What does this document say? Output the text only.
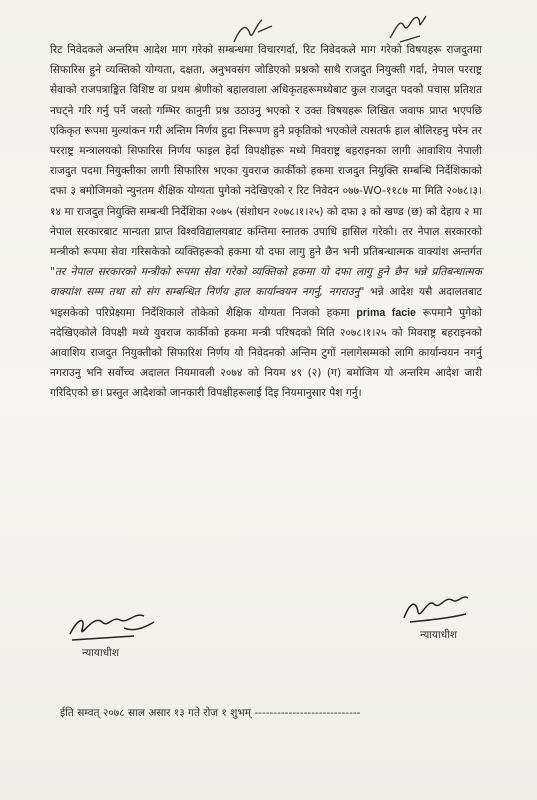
रिट निवेदकले अन्तरिम आदेश माग गरेको सम्बन्धमा विचारगर्दा, रिट निवेदकले माग गरेको विषयहरू राजदुतमा सिफारिस हुने व्यक्तिको योग्यता, दक्षता, अनुभवसंग जोडिएको प्रश्नको साथै राजदुत नियुक्ती गर्दा, नेपाल परराष्ट्र सेवाको राजपत्राङ्कित विशिष्ट वा प्रथम श्रेणीको बहालवाला अधिकृतहरूमध्येबाट कुल राजदुत पदको पचास प्रतिशत नघट्ने गरि गर्नु पर्ने जस्तो गम्भिर कानुनी प्रश्न उठाउनु भएको र उक्त विषयहरू लिखित जवाफ प्राप्त भएपछि एकिकृत रूपमा मुल्यांकन गरी अन्तिम निर्णय हुदा निरूपण हुने प्रकृतिको भएकोले त्यसतर्फ हाल बोलिरहनु परेन तर परराष्ट्र मन्त्रालयको सिफारिस निर्णय फाइल हेर्दा विपक्षीहरू मध्ये मिवराष्ट्र बहराइनका लागी आवाशिय नेपाली राजदुत पदमा नियुक्तीका लागी सिफारिस भएका युवराज कार्कीको हकमा राजदुत नियुक्ति सम्बन्धि निर्देशिकाको दफा ३ बमोजिमको न्युनतम शैक्षिक योग्यता पुगेको नदेखिएको र रिट निवेदन ०७७-WO-११८७ मा मिति २०७८।३।१४ मा राजदुत नियुक्ति सम्बन्धी निर्देशिका २०७५ (संशोधन २०७८।१।२५) को दफा ३ को खण्ड (छ) को देहाय २ मा नेपाल सरकारबाट मान्यता प्राप्त विश्वविद्यालयबाट कम्तिमा स्नातक उपाधि हासिल गरेको। तर नेपाल सरकारको मन्त्रीको रूपमा सेवा गरिसकेको व्यक्तिहरूको हकमा यो दफा लागु हुने छैन भनी प्रतिबन्धात्मक वाक्यांश अन्तर्गत "तर नेपाल सरकारको मन्त्रीको रूपमा सेवा गरेको व्यक्तिको हकमा यो दफा लागु हुने छैन भन्ने प्रतिबन्धात्मक वाक्यांश सम्म तथा सो संग सम्बन्धित निर्णय हाल कार्यान्वयन नगर्नु, नगराउनु" भन्ने आदेश यसै अदालतबाट भइसकेको परिप्रेक्ष्यमा निर्देशिकाले तोकेको शैक्षिक योग्यता निजको हकमा prima facie रूपमानै पुगेको नदेखिएकोले विपक्षी मध्ये युवराज कार्कीको हकमा मन्त्री परिषदको मिति २०७८।१।२५ को मिवराष्ट्र बहराइनको आवाशिय राजदुत नियुक्तीको सिफारिश निर्णय यो निवेदनको अन्तिम टुगों नलागेसम्मको लागि कार्यान्वयन नगर्नु नगराउनु भनि सर्वोच्च अदालत नियमावली २०७४ को नियम ४९ (२) (ग) बमोजिम यो अन्तरिम आदेश जारी गरिदिएको छ। प्रस्तुत आदेशको जानकारी विपक्षीहरूलाई दिइ नियमानुसार पेश गर्नु।

न्यायाधीश
न्यायाधीश
ईति सम्वत् २०७८ साल असार १३ गते रोज १ शुभम् ----------------------------
